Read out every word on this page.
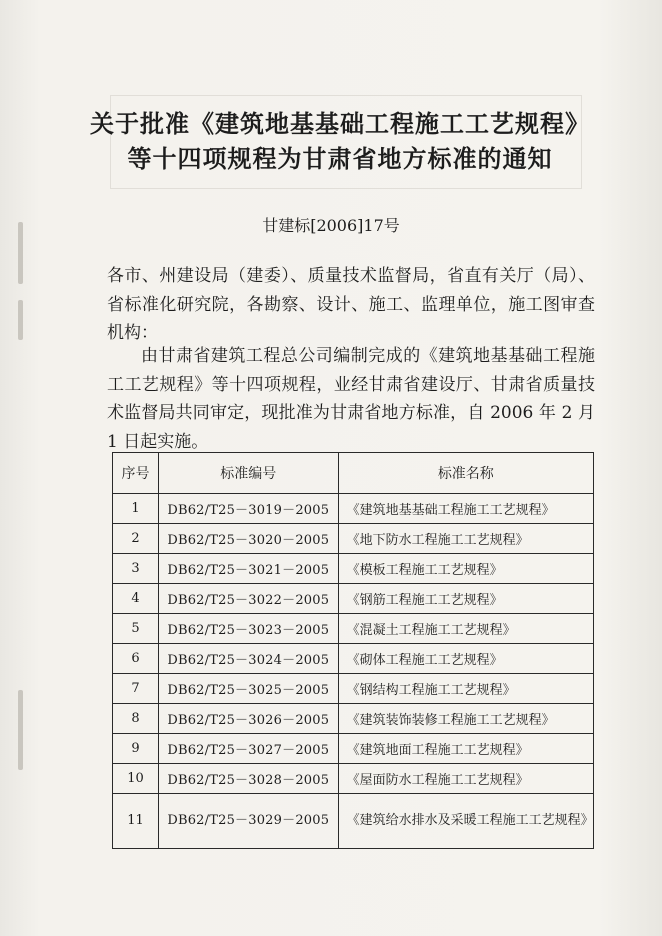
关于批准《建筑地基基础工程施工工艺规程》
等十四项规程为甘肃省地方标准的通知
甘建标[2006]17号
各市、州建设局（建委）、质量技术监督局，省直有关厅（局）、省标准化研究院，各勘察、设计、施工、监理单位，施工图审查机构：
由甘肃省建筑工程总公司编制完成的《建筑地基基础工程施工工艺规程》等十四项规程，业经甘肃省建设厅、甘肃省质量技术监督局共同审定，现批准为甘肃省地方标准，自 2006 年 2 月 1 日起实施。
序号	标准编号	标准名称
1	DB62/T25－3019－2005	《建筑地基基础工程施工工艺规程》
2	DB62/T25－3020－2005	《地下防水工程施工工艺规程》
3	DB62/T25－3021－2005	《模板工程施工工艺规程》
4	DB62/T25－3022－2005	《钢筋工程施工工艺规程》
5	DB62/T25－3023－2005	《混凝土工程施工工艺规程》
6	DB62/T25－3024－2005	《砌体工程施工工艺规程》
7	DB62/T25－3025－2005	《钢结构工程施工工艺规程》
8	DB62/T25－3026－2005	《建筑装饰装修工程施工工艺规程》
9	DB62/T25－3027－2005	《建筑地面工程施工工艺规程》
10	DB62/T25－3028－2005	《屋面防水工程施工工艺规程》
11	DB62/T25－3029－2005	《建筑给水排水及采暖工程施工工艺规程》
